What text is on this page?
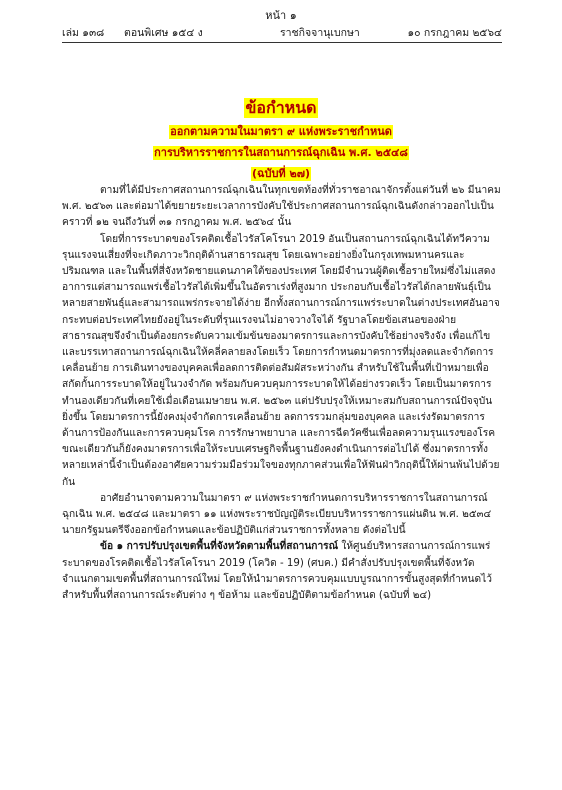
หน้า ๑
เล่ม ๑๓๘ ตอนพิเศษ ๑๕๔ ง	ราชกิจจานุเบกษา	๑๐ กรกฎาคม ๒๕๖๔
ข้อกำหนด
ออกตามความในมาตรา ๙ แห่งพระราชกำหนด
การบริหารราชการในสถานการณ์ฉุกเฉิน พ.ศ. ๒๕๔๘
(ฉบับที่ ๒๗)

ตามที่ได้มีประกาศสถานการณ์ฉุกเฉินในทุกเขตท้องที่ทั่วราชอาณาจักรตั้งแต่วันที่ ๒๖ มีนาคม พ.ศ. ๒๕๖๓ และต่อมาได้ขยายระยะเวลาการบังคับใช้ประกาศสถานการณ์ฉุกเฉินดังกล่าวออกไปเป็นคราวที่ ๑๒ จนถึงวันที่ ๓๑ กรกฎาคม พ.ศ. ๒๕๖๔ นั้น

โดยที่การระบาดของโรคติดเชื้อไวรัสโคโรนา 2019 อันเป็นสถานการณ์ฉุกเฉินได้ทวีความรุนแรงจนเสี่ยงที่จะเกิดภาวะวิกฤติด้านสาธารณสุข โดยเฉพาะอย่างยิ่งในกรุงเทพมหานครและปริมณฑล และในพื้นที่สี่จังหวัดชายแดนภาคใต้ของประเทศ โดยมีจำนวนผู้ติดเชื้อรายใหม่ซึ่งไม่แสดงอาการแต่สามารถแพร่เชื้อไวรัสได้เพิ่มขึ้นในอัตราเร่งที่สูงมาก ประกอบกับเชื้อไวรัสได้กลายพันธุ์เป็นหลายสายพันธุ์และสามารถแพร่กระจายได้ง่าย อีกทั้งสถานการณ์การแพร่ระบาดในต่างประเทศอันอาจกระทบต่อประเทศไทยยังอยู่ในระดับที่รุนแรงจนไม่อาจวางใจได้ รัฐบาลโดยข้อเสนอของฝ่ายสาธารณสุขจึงจำเป็นต้องยกระดับความเข้มข้นของมาตรการและการบังคับใช้อย่างจริงจัง เพื่อแก้ไขและบรรเทาสถานการณ์ฉุกเฉินให้คลี่คลายลงโดยเร็ว โดยการกำหนดมาตรการที่มุ่งลดและจำกัดการเคลื่อนย้าย การเดินทางของบุคคลเพื่อลดการติดต่อสัมผัสระหว่างกัน สำหรับใช้ในพื้นที่เป้าหมายเพื่อสกัดกั้นการระบาดให้อยู่ในวงจำกัด พร้อมกับควบคุมการระบาดให้ได้อย่างรวดเร็ว โดยเป็นมาตรการทำนองเดียวกันที่เคยใช้เมื่อเดือนเมษายน พ.ศ. ๒๕๖๓ แต่ปรับปรุงให้เหมาะสมกับสถานการณ์ปัจจุบันยิ่งขึ้น โดยมาตรการนี้ยังคงมุ่งจำกัดการเคลื่อนย้าย ลดการรวมกลุ่มของบุคคล และเร่งรัดมาตรการด้านการป้องกันและการควบคุมโรค การรักษาพยาบาล และการฉีดวัคซีนเพื่อลดความรุนแรงของโรค ขณะเดียวกันก็ยังคงมาตรการเพื่อให้ระบบเศรษฐกิจพื้นฐานยังคงดำเนินการต่อไปได้ ซึ่งมาตรการทั้งหลายเหล่านี้จำเป็นต้องอาศัยความร่วมมือร่วมใจของทุกภาคส่วนเพื่อให้ฟันฝ่าวิกฤตินี้ให้ผ่านพ้นไปด้วยกัน

อาศัยอำนาจตามความในมาตรา ๙ แห่งพระราชกำหนดการบริหารราชการในสถานการณ์ฉุกเฉิน พ.ศ. ๒๕๔๘ และมาตรา ๑๑ แห่งพระราชบัญญัติระเบียบบริหารราชการแผ่นดิน พ.ศ. ๒๕๓๔ นายกรัฐมนตรีจึงออกข้อกำหนดและข้อปฏิบัติแก่ส่วนราชการทั้งหลาย ดังต่อไปนี้

ข้อ ๑ การปรับปรุงเขตพื้นที่จังหวัดตามพื้นที่สถานการณ์ ให้ศูนย์บริหารสถานการณ์การแพร่ระบาดของโรคติดเชื้อไวรัสโคโรนา 2019 (โควิด - 19) (ศบค.) มีคำสั่งปรับปรุงเขตพื้นที่จังหวัดจำแนกตามเขตพื้นที่สถานการณ์ใหม่ โดยให้นำมาตรการควบคุมแบบบูรณาการขั้นสูงสุดที่กำหนดไว้สำหรับพื้นที่สถานการณ์ระดับต่าง ๆ ข้อห้าม และข้อปฏิบัติตามข้อกำหนด (ฉบับที่ ๒๔)
